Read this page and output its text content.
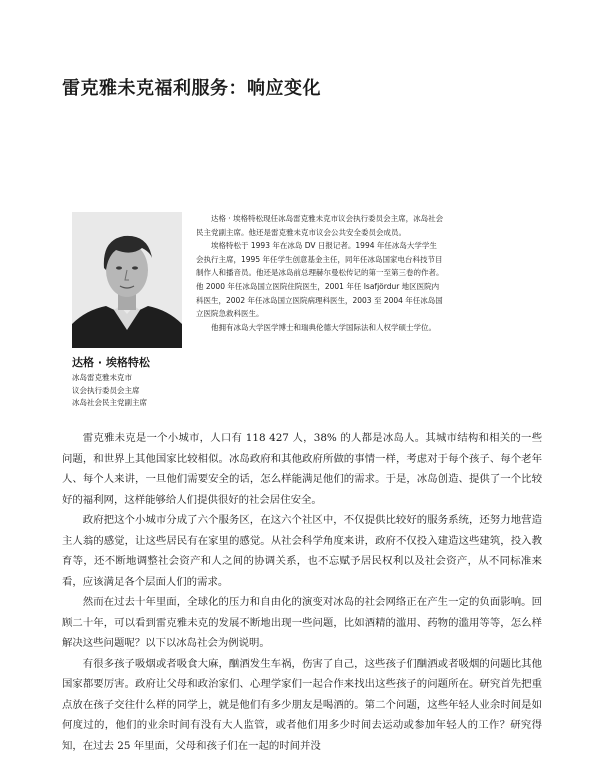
雷克雅未克福利服务：响应变化

达格 · 埃格特松现任冰岛雷克雅未克市议会执行委员会主席，冰岛社会民主党副主席。他还是雷克雅未克市议会公共安全委员会成员。

埃格特松于 1993 年在冰岛 DV 日报记者。1994 年任冰岛大学学生会执行主席，1995 年任学生创意基金主任，同年任冰岛国家电台科技节目制作人和播音员。他还是冰岛前总理赫尔曼松传记的第一至第三卷的作者。他 2000 年任冰岛国立医院住院医生，2001 年任 Isafjördur 地区医院内科医生，2002 年任冰岛国立医院病理科医生，2003 至 2004 年任冰岛国立医院急救科医生。

他拥有冰岛大学医学博士和瑞典伦德大学国际法和人权学硕士学位。

达格 · 埃格特松
冰岛雷克雅未克市
议会执行委员会主席
冰岛社会民主党副主席

雷克雅未克是一个小城市，人口有 118 427 人，38% 的人都是冰岛人。其城市结构和相关的一些问题，和世界上其他国家比较相似。冰岛政府和其他政府所做的事情一样，考虑对于每个孩子、每个老年人、每个人来讲，一旦他们需要安全的话，怎么样能满足他们的需求。于是，冰岛创造、提供了一个比较好的福利网，这样能够给人们提供很好的社会居住安全。

政府把这个小城市分成了六个服务区，在这六个社区中，不仅提供比较好的服务系统，还努力地营造主人翁的感觉，让这些居民有在家里的感觉。从社会科学角度来讲，政府不仅投入建造这些建筑，投入教育等，还不断地调整社会资产和人之间的协调关系，也不忘赋予居民权利以及社会资产，从不同标准来看，应该满足各个层面人们的需求。

然而在过去十年里面，全球化的压力和自由化的演变对冰岛的社会网络正在产生一定的负面影响。回顾二十年，可以看到雷克雅未克的发展不断地出现一些问题，比如酒精的滥用、药物的滥用等等，怎么样解决这些问题呢？以下以冰岛社会为例说明。

有很多孩子吸烟或者吸食大麻，酗酒发生车祸，伤害了自己，这些孩子们酗酒或者吸烟的问题比其他国家都要厉害。政府让父母和政治家们、心理学家们一起合作来找出这些孩子的问题所在。研究首先把重点放在孩子交往什么样的同学上，就是他们有多少朋友是喝酒的。第二个问题，这些年轻人业余时间是如何度过的，他们的业余时间有没有大人监管，或者他们用多少时间去运动或参加年轻人的工作？研究得知，在过去 25 年里面，父母和孩子们在一起的时间并没
